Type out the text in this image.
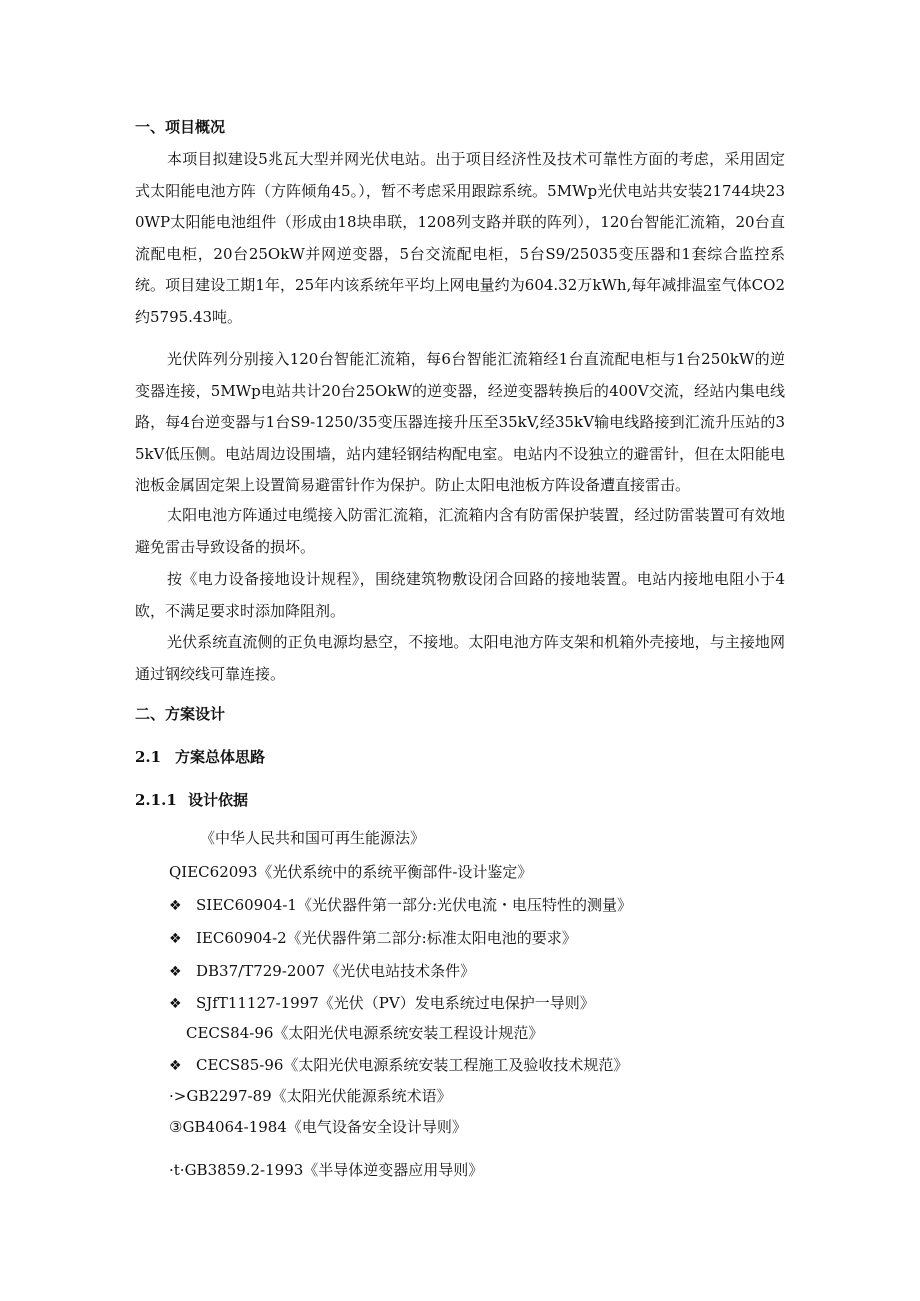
一、项目概况

本项目拟建设5兆瓦大型并网光伏电站。出于项目经济性及技术可靠性方面的考虑，采用固定式太阳能电池方阵（方阵倾角45。），暂不考虑采用跟踪系统。5MWp光伏电站共安装21744块230WP太阳能电池组件（形成由18块串联，1208列支路并联的阵列），120台智能汇流箱，20台直流配电柜，20台25OkW并网逆变器，5台交流配电柜，5台S9/25035变压器和1套综合监控系统。项目建设工期1年，25年内该系统年平均上网电量约为604.32万kWh,每年减排温室气体CO2约5795.43吨。

光伏阵列分别接入120台智能汇流箱，每6台智能汇流箱经1台直流配电柜与1台250kW的逆变器连接，5MWp电站共计20台25OkW的逆变器，经逆变器转换后的400V交流，经站内集电线路，每4台逆变器与1台S9-1250/35变压器连接升压至35kV,经35kV输电线路接到汇流升压站的35kV低压侧。电站周边设围墙，站内建轻钢结构配电室。电站内不设独立的避雷针，但在太阳能电池板金属固定架上设置简易避雷针作为保护。防止太阳电池板方阵设备遭直接雷击。

太阳电池方阵通过电缆接入防雷汇流箱，汇流箱内含有防雷保护装置，经过防雷装置可有效地避免雷击导致设备的损坏。

按《电力设备接地设计规程》，围绕建筑物敷设闭合回路的接地装置。电站内接地电阻小于4欧，不满足要求时添加降阻剂。

光伏系统直流侧的正负电源均悬空，不接地。太阳电池方阵支架和机箱外壳接地，与主接地网通过钢绞线可靠连接。

二、方案设计
2.1 方案总体思路
2.1.1 设计依据
《中华人民共和国可再生能源法》
QIEC62093《光伏系统中的系统平衡部件-设计鉴定》
❖ SIEC60904-1《光伏器件第一部分:光伏电流・电压特性的测量》
❖ IEC60904-2《光伏器件第二部分:标准太阳电池的要求》
❖ DB37/T729-2007《光伏电站技术条件》
❖ SJfT11127-1997《光伏（PV）发电系统过电保护一导则》
CECS84-96《太阳光伏电源系统安装工程设计规范》
❖ CECS85-96《太阳光伏电源系统安装工程施工及验收技术规范》
·>GB2297-89《太阳光伏能源系统术语》
③GB4064-1984《电气设备安全设计导则》
·t·GB3859.2-1993《半导体逆变器应用导则》
